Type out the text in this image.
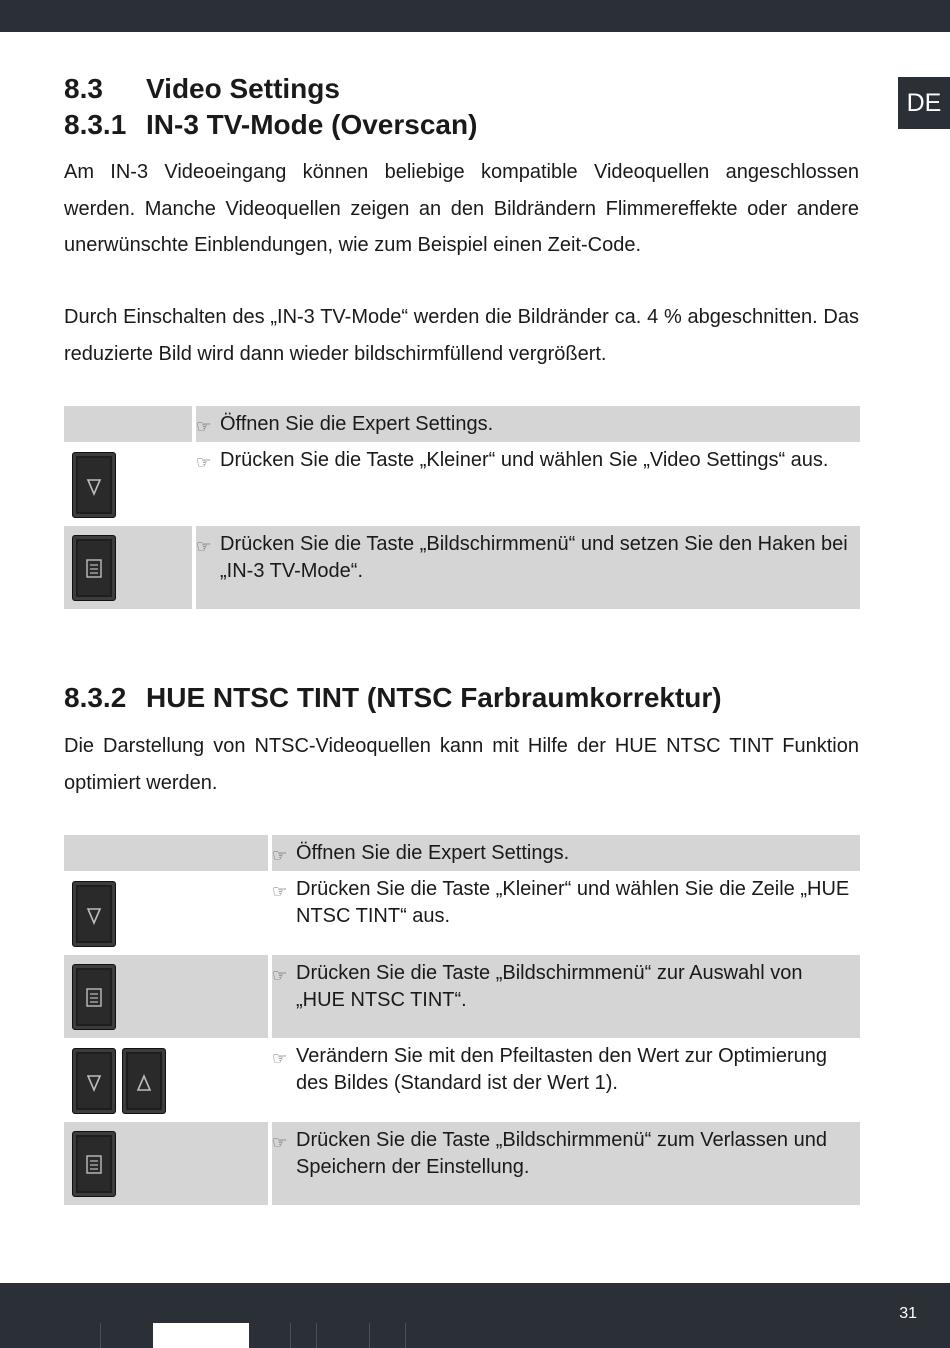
DE
8.3 Video Settings
8.3.1 IN-3 TV-Mode (Overscan)

Am IN-3 Videoeingang können beliebige kompatible Videoquellen angeschlossen werden. Manche Videoquellen zeigen an den Bildrändern Flimmereffekte oder andere unerwünschte Einblendungen, wie zum Beispiel einen Zeit-Code.

Durch Einschalten des „IN-3 TV-Mode“ werden die Bildränder ca. 4 % abgeschnitten. Das reduzierte Bild wird dann wieder bildschirmfüllend vergrößert.

☞ Öffnen Sie die Expert Settings.
☞ Drücken Sie die Taste „Kleiner“ und wählen Sie „Video Settings“ aus.
☞ Drücken Sie die Taste „Bildschirmmenü“ und setzen Sie den Haken bei „IN-3 TV-Mode“.
8.3.2 HUE NTSC TINT (NTSC Farbraumkorrektur)

Die Darstellung von NTSC-Videoquellen kann mit Hilfe der HUE NTSC TINT Funktion optimiert werden.

☞ Öffnen Sie die Expert Settings.
☞ Drücken Sie die Taste „Kleiner“ und wählen Sie die Zeile „HUE NTSC TINT“ aus.
☞ Drücken Sie die Taste „Bildschirmmenü“ zur Auswahl von „HUE NTSC TINT“.
☞ Verändern Sie mit den Pfeiltasten den Wert zur Optimierung des Bildes (Standard ist der Wert 1).
☞ Drücken Sie die Taste „Bildschirmmenü“ zum Verlassen und Speichern der Einstellung.
31
